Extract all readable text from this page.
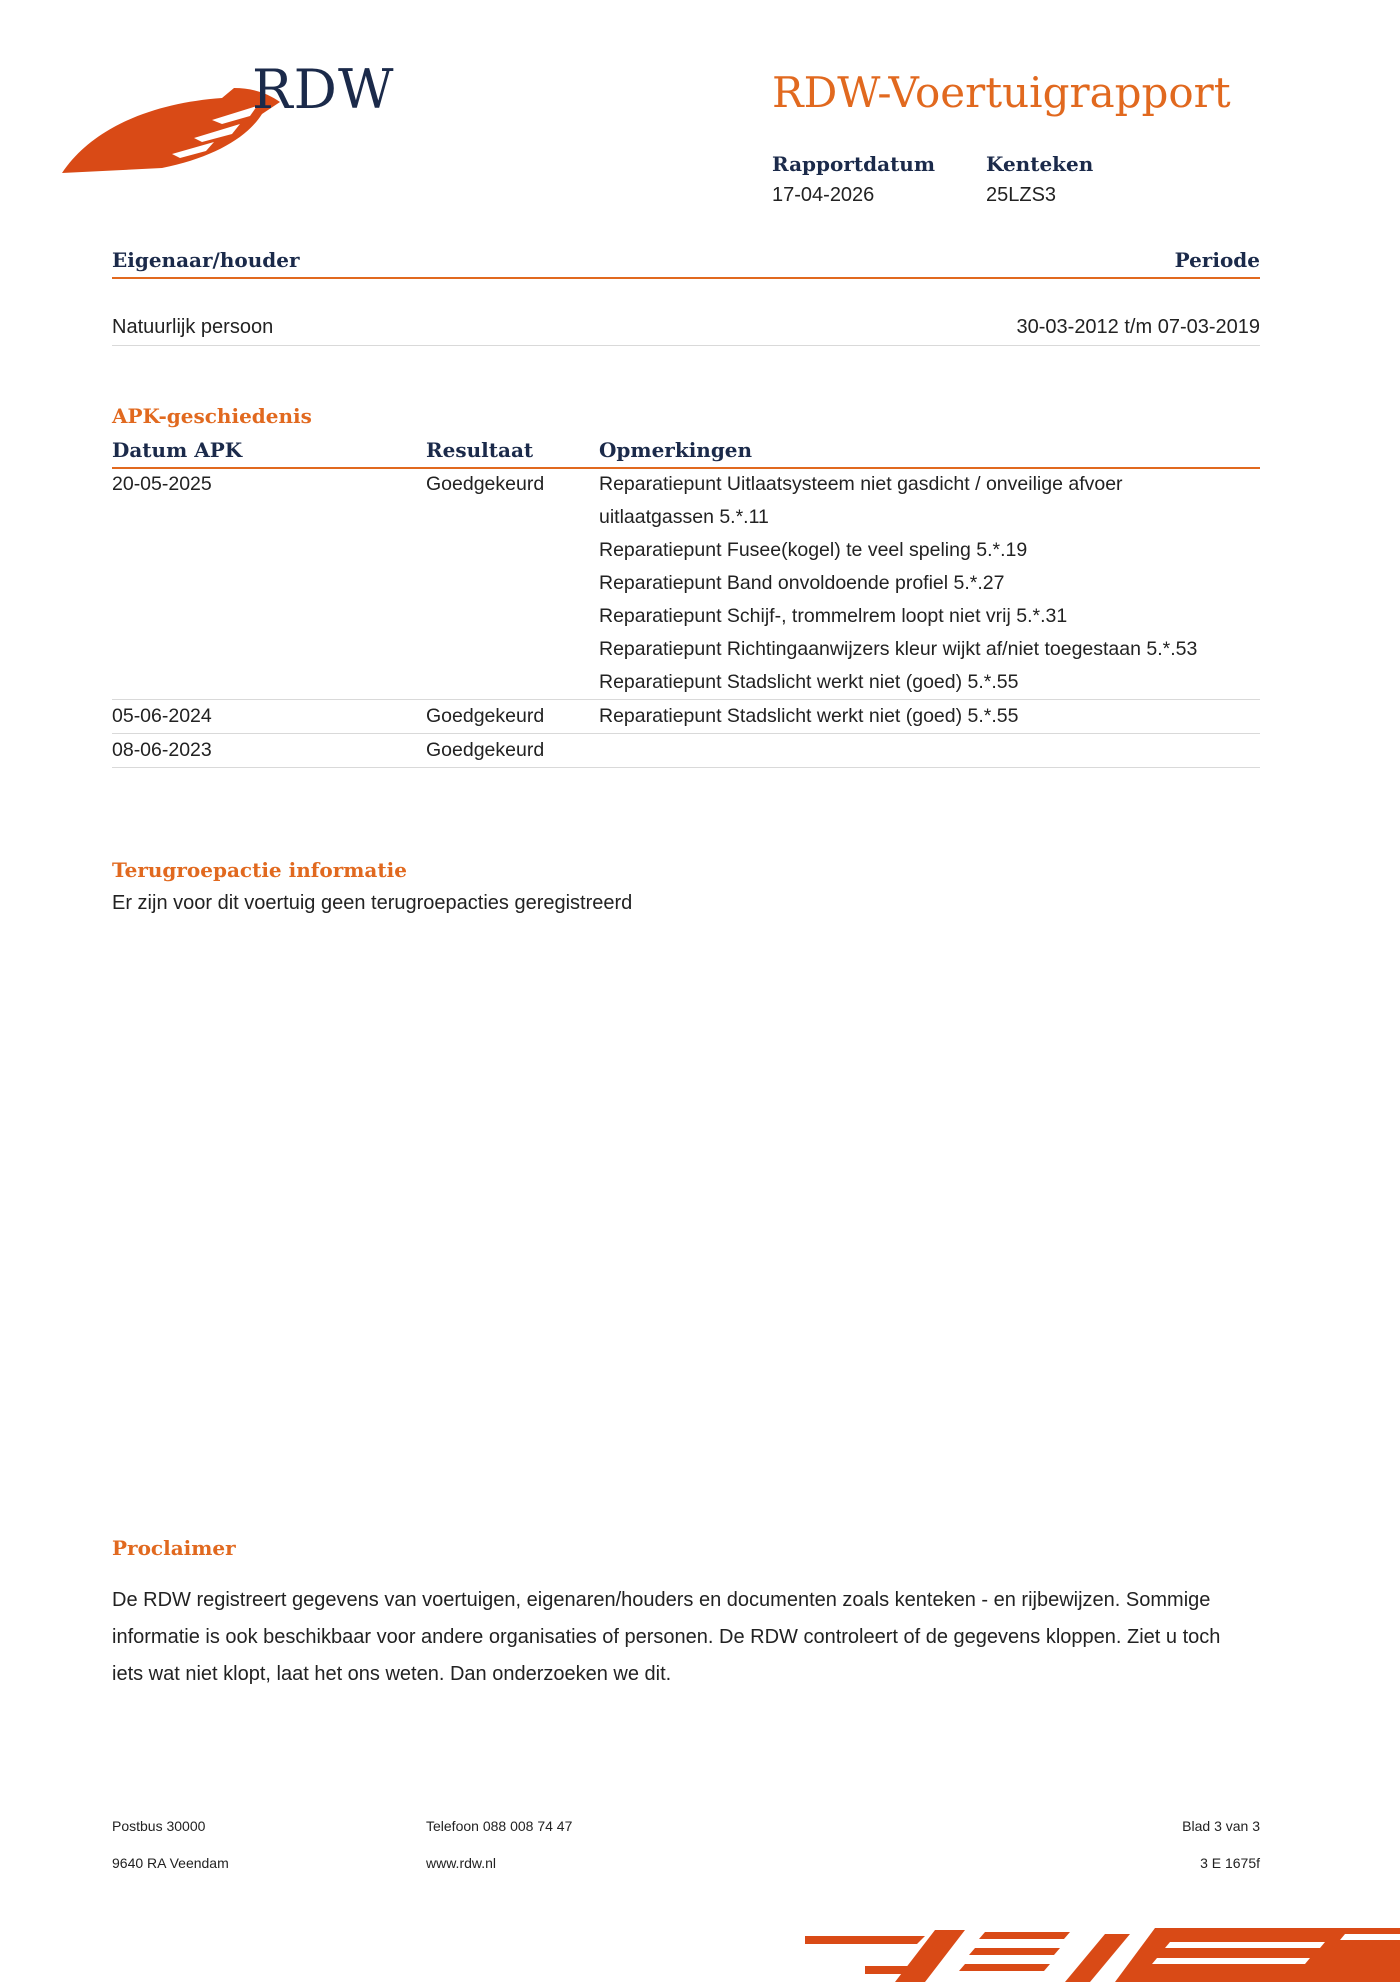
RDW	RDW-Voertuigrapport
Rapportdatum
17-04-2026
Kenteken
25LZS3
Eigenaar/houder	Periode
Natuurlijk persoon	30-03-2012 t/m 07-03-2019
APK-geschiedenis
Datum APK	Resultaat	Opmerkingen
20-05-2025	Goedgekeurd	Reparatiepunt Uitlaatsysteem niet gasdicht / onveilige afvoer uitlaatgassen 5.*.11
Reparatiepunt Fusee(kogel) te veel speling 5.*.19
Reparatiepunt Band onvoldoende profiel 5.*.27
Reparatiepunt Schijf-, trommelrem loopt niet vrij 5.*.31
Reparatiepunt Richtingaanwijzers kleur wijkt af/niet toegestaan 5.*.53
Reparatiepunt Stadslicht werkt niet (goed) 5.*.55
05-06-2024	Goedgekeurd	Reparatiepunt Stadslicht werkt niet (goed) 5.*.55
08-06-2023	Goedgekeurd
Terugroepactie informatie
Er zijn voor dit voertuig geen terugroepacties geregistreerd
Proclaimer
De RDW registreert gegevens van voertuigen, eigenaren/houders en documenten zoals kenteken - en rijbewijzen. Sommige informatie is ook beschikbaar voor andere organisaties of personen. De RDW controleert of de gegevens kloppen. Ziet u toch iets wat niet klopt, laat het ons weten. Dan onderzoeken we dit.
Postbus 30000
9640 RA Veendam
Telefoon 088 008 74 47
www.rdw.nl
Blad 3 van 3
3 E 1675f
